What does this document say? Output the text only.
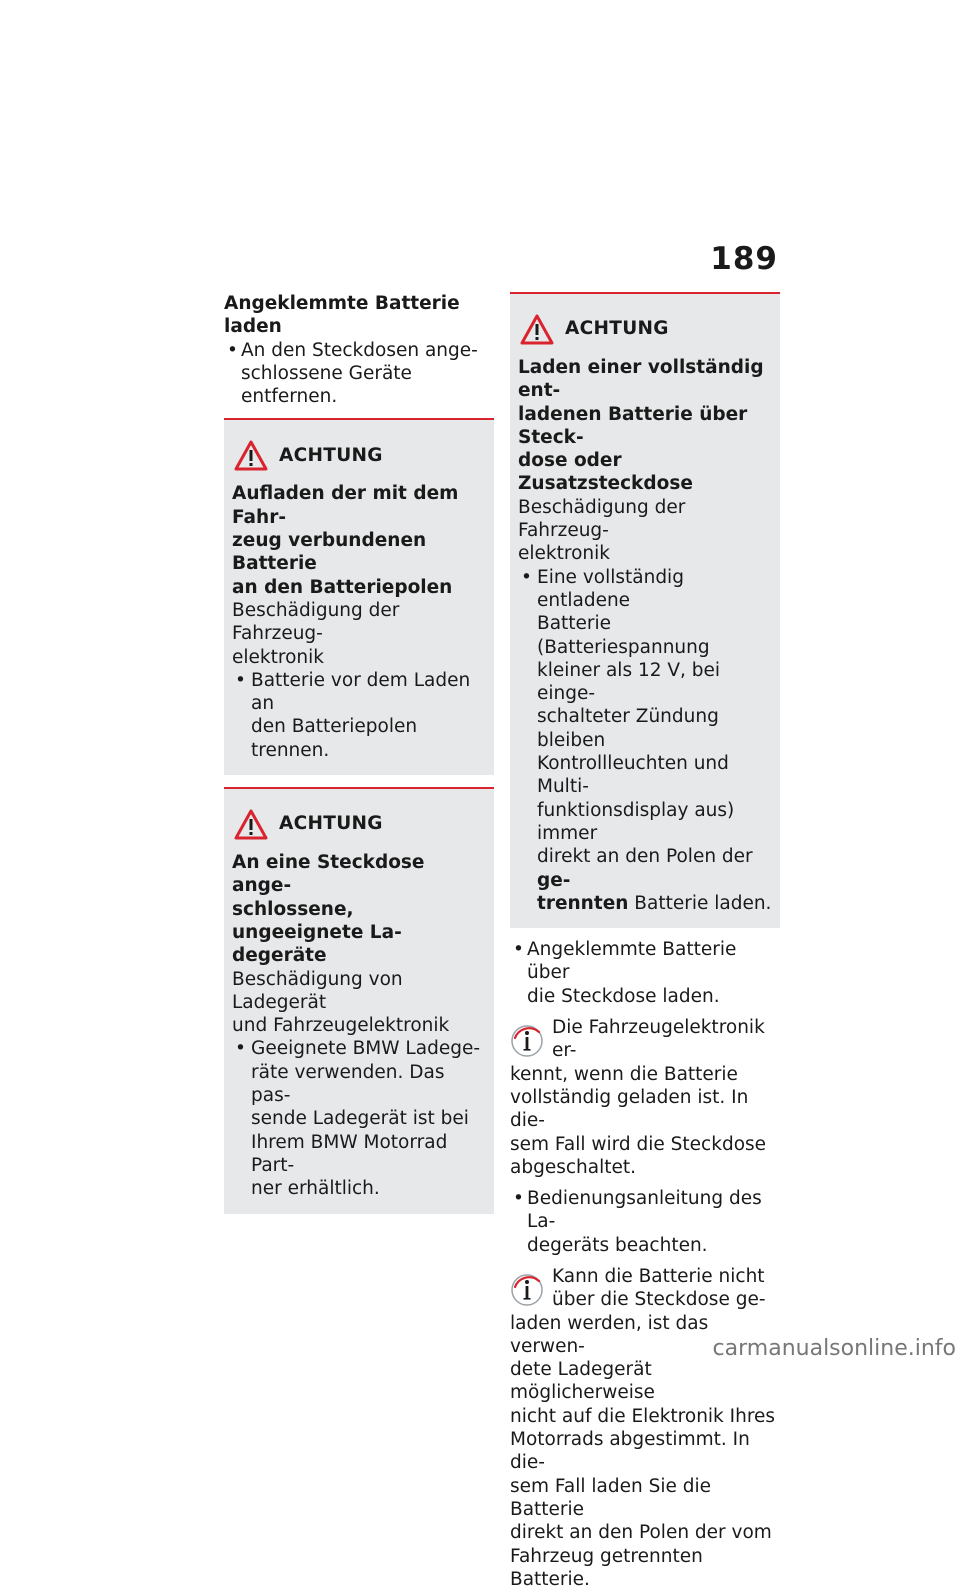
189
Angeklemmte Batterie laden
• An den Steckdosen ange-
schlossene Geräte entfernen.
ACHTUNG
Aufladen der mit dem Fahr-
zeug verbundenen Batterie
an den Batteriepolen
Beschädigung der Fahrzeug-
elektronik
• Batterie vor dem Laden an
den Batteriepolen trennen.
ACHTUNG
An eine Steckdose ange-
schlossene, ungeeignete La-
degeräte
Beschädigung von Ladegerät
und Fahrzeugelektronik
• Geeignete BMW Ladege-
räte verwenden. Das pas-
sende Ladegerät ist bei
Ihrem BMW Motorrad Part-
ner erhältlich.
ACHTUNG
Laden einer vollständig ent-
ladenen Batterie über Steck-
dose oder Zusatzsteckdose
Beschädigung der Fahrzeug-
elektronik
• Eine vollständig entladene
Batterie (Batteriespannung
kleiner als 12 V, bei einge-
schalteter Zündung bleiben
Kontrollleuchten und Multi-
funktionsdisplay aus) immer
direkt an den Polen der ge-
trennten Batterie laden.
• Angeklemmte Batterie über
die Steckdose laden.
Die Fahrzeugelektronik er-
kennt, wenn die Batterie
vollständig geladen ist. In die-
sem Fall wird die Steckdose
abgeschaltet.
• Bedienungsanleitung des La-
degeräts beachten.
Kann die Batterie nicht
über die Steckdose ge-
laden werden, ist das verwen-
dete Ladegerät möglicherweise
nicht auf die Elektronik Ihres
Motorrads abgestimmt. In die-
sem Fall laden Sie die Batterie
direkt an den Polen der vom
Fahrzeug getrennten Batterie.
carmanualsonline.info
